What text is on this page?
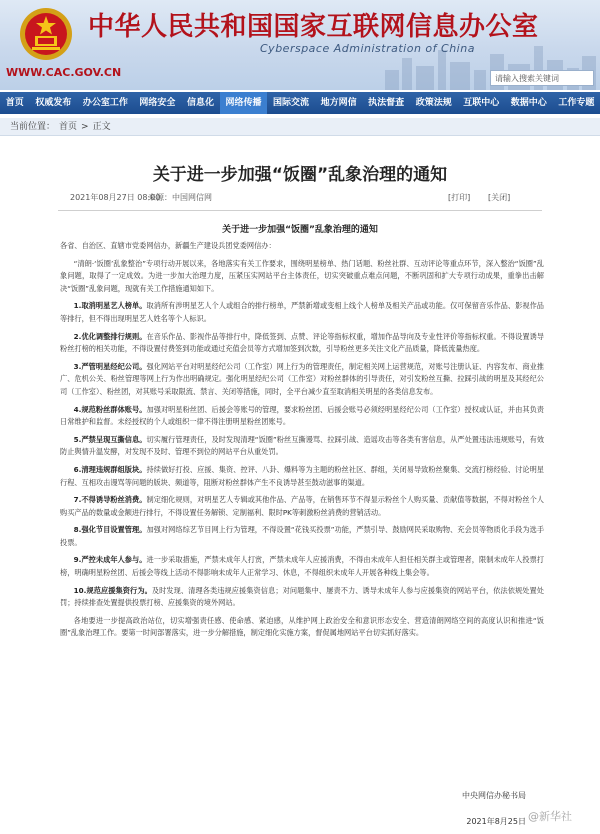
中华人民共和国国家互联网信息办公室
Cyberspace Administration of China
WWW.CAC.GOV.CN	请输入搜索关键词
首页	权威发布	办公室工作	网络安全	信息化	网络传播	国际交流	地方网信	执法督查	政策法规	互联中心	数据中心	工作专题
当前位置： 首页 > 正文
关于进一步加强“饭圈”乱象治理的通知
2021年08月27日 08:00
来源：中国网信网	[打印] [关闭]
关于进一步加强“饭圈”乱象治理的通知

各省、自治区、直辖市党委网信办，新疆生产建设兵团党委网信办：

“清朗·‘饭圈’乱象整治”专项行动开展以来，各地落实有关工作要求，围绕明星榜单、热门话题、粉丝社群、互动评论等重点环节，深入整治“饭圈”乱象问题，取得了一定成效。为进一步加大治理力度，压紧压实网站平台主体责任，切实突破重点难点问题，不断巩固和扩大专项行动成果，重拳出击解决“饭圈”乱象问题，现就有关工作措施通知如下。

1.取消明星艺人榜单。取消所有涉明星艺人个人或组合的排行榜单，严禁新增或变相上线个人榜单及相关产品或功能。仅可保留音乐作品、影视作品等排行，但不得出现明星艺人姓名等个人标识。

2.优化调整排行规则。在音乐作品、影视作品等排行中，降低签到、点赞、评论等指标权重，增加作品导向及专业性评价等指标权重。不得设置诱导粉丝打榜的相关功能，不得设置付费签到功能或通过充值会员等方式增加签到次数，引导粉丝更多关注文化产品质量，降低流量热度。

3.严管明星经纪公司。强化网站平台对明星经纪公司（工作室）网上行为的管理责任，制定相关网上运营规范，对账号注册认证、内容发布、商业推广、危机公关、粉丝管理等网上行为作出明确规定。强化明星经纪公司（工作室）对粉丝群体的引导责任，对引发粉丝互撕、拉踩引战的明星及其经纪公司（工作室）、粉丝团，对其账号采取限流、禁言、关闭等措施，同时，全平台减少直至取消相关明星的各类信息发布。

4.规范粉丝群体账号。加强对明星粉丝团、后援会等账号的管理，要求粉丝团、后援会账号必须经明星经纪公司（工作室）授权或认证，并由其负责日常维护和监督。未经授权的个人或组织一律不得注册明星粉丝团账号。

5.严禁呈现互撕信息。切实履行管理责任，及时发现清理“饭圈”粉丝互撕谩骂、拉踩引战、造谣攻击等各类有害信息，从严处置违法违规账号，有效防止舆情升温发酵，对发现不及时、管理不到位的网站平台从重处罚。

6.清理违规群组版块。持续做好打投、应援、集资、控评、八卦、爆料等为主题的粉丝社区、群组，关闭易导致粉丝聚集、交流打榜经验、讨论明星行程、互相攻击谩骂等问题的版块、频道等，阻断对粉丝群体产生不良诱导甚至鼓动滋事的渠道。

7.不得诱导粉丝消费。制定细化规则，对明星艺人专辑或其他作品、产品等，在销售环节不得显示粉丝个人购买量、贡献值等数据，不得对粉丝个人购买产品的数量或金额进行排行，不得设置任务解锁、定制福利、限时PK等刺激粉丝消费的营销活动。

8.强化节目设置管理。加强对网络综艺节目网上行为管理，不得设置“花钱买投票”功能，严禁引导、鼓励网民采取购物、充会员等物质化手段为选手投票。

9.严控未成年人参与。进一步采取措施，严禁未成年人打赏，严禁未成年人应援消费，不得由未成年人担任相关群主或管理者，限制未成年人投票打榜，明确明星粉丝团、后援会等线上活动不得影响未成年人正常学习、休息，不得组织未成年人开展各种线上集会等。

10.规范应援集资行为。及时发现、清理各类违规应援集资信息；对问题集中、屡责不力、诱导未成年人参与应援集资的网站平台，依法依规处置处罚；持续排查处置提供投票打榜、应援集资的境外网站。

各地要进一步提高政治站位，切实增强责任感、使命感、紧迫感，从维护网上政治安全和意识形态安全、营造清朗网络空间的高度认识和推进“饭圈”乱象治理工作。要第一时间部署落实，进一步分解措施，制定细化实施方案，督促属地网站平台切实抓好落实。

中央网信办秘书局
2021年8月25日 @新华社
